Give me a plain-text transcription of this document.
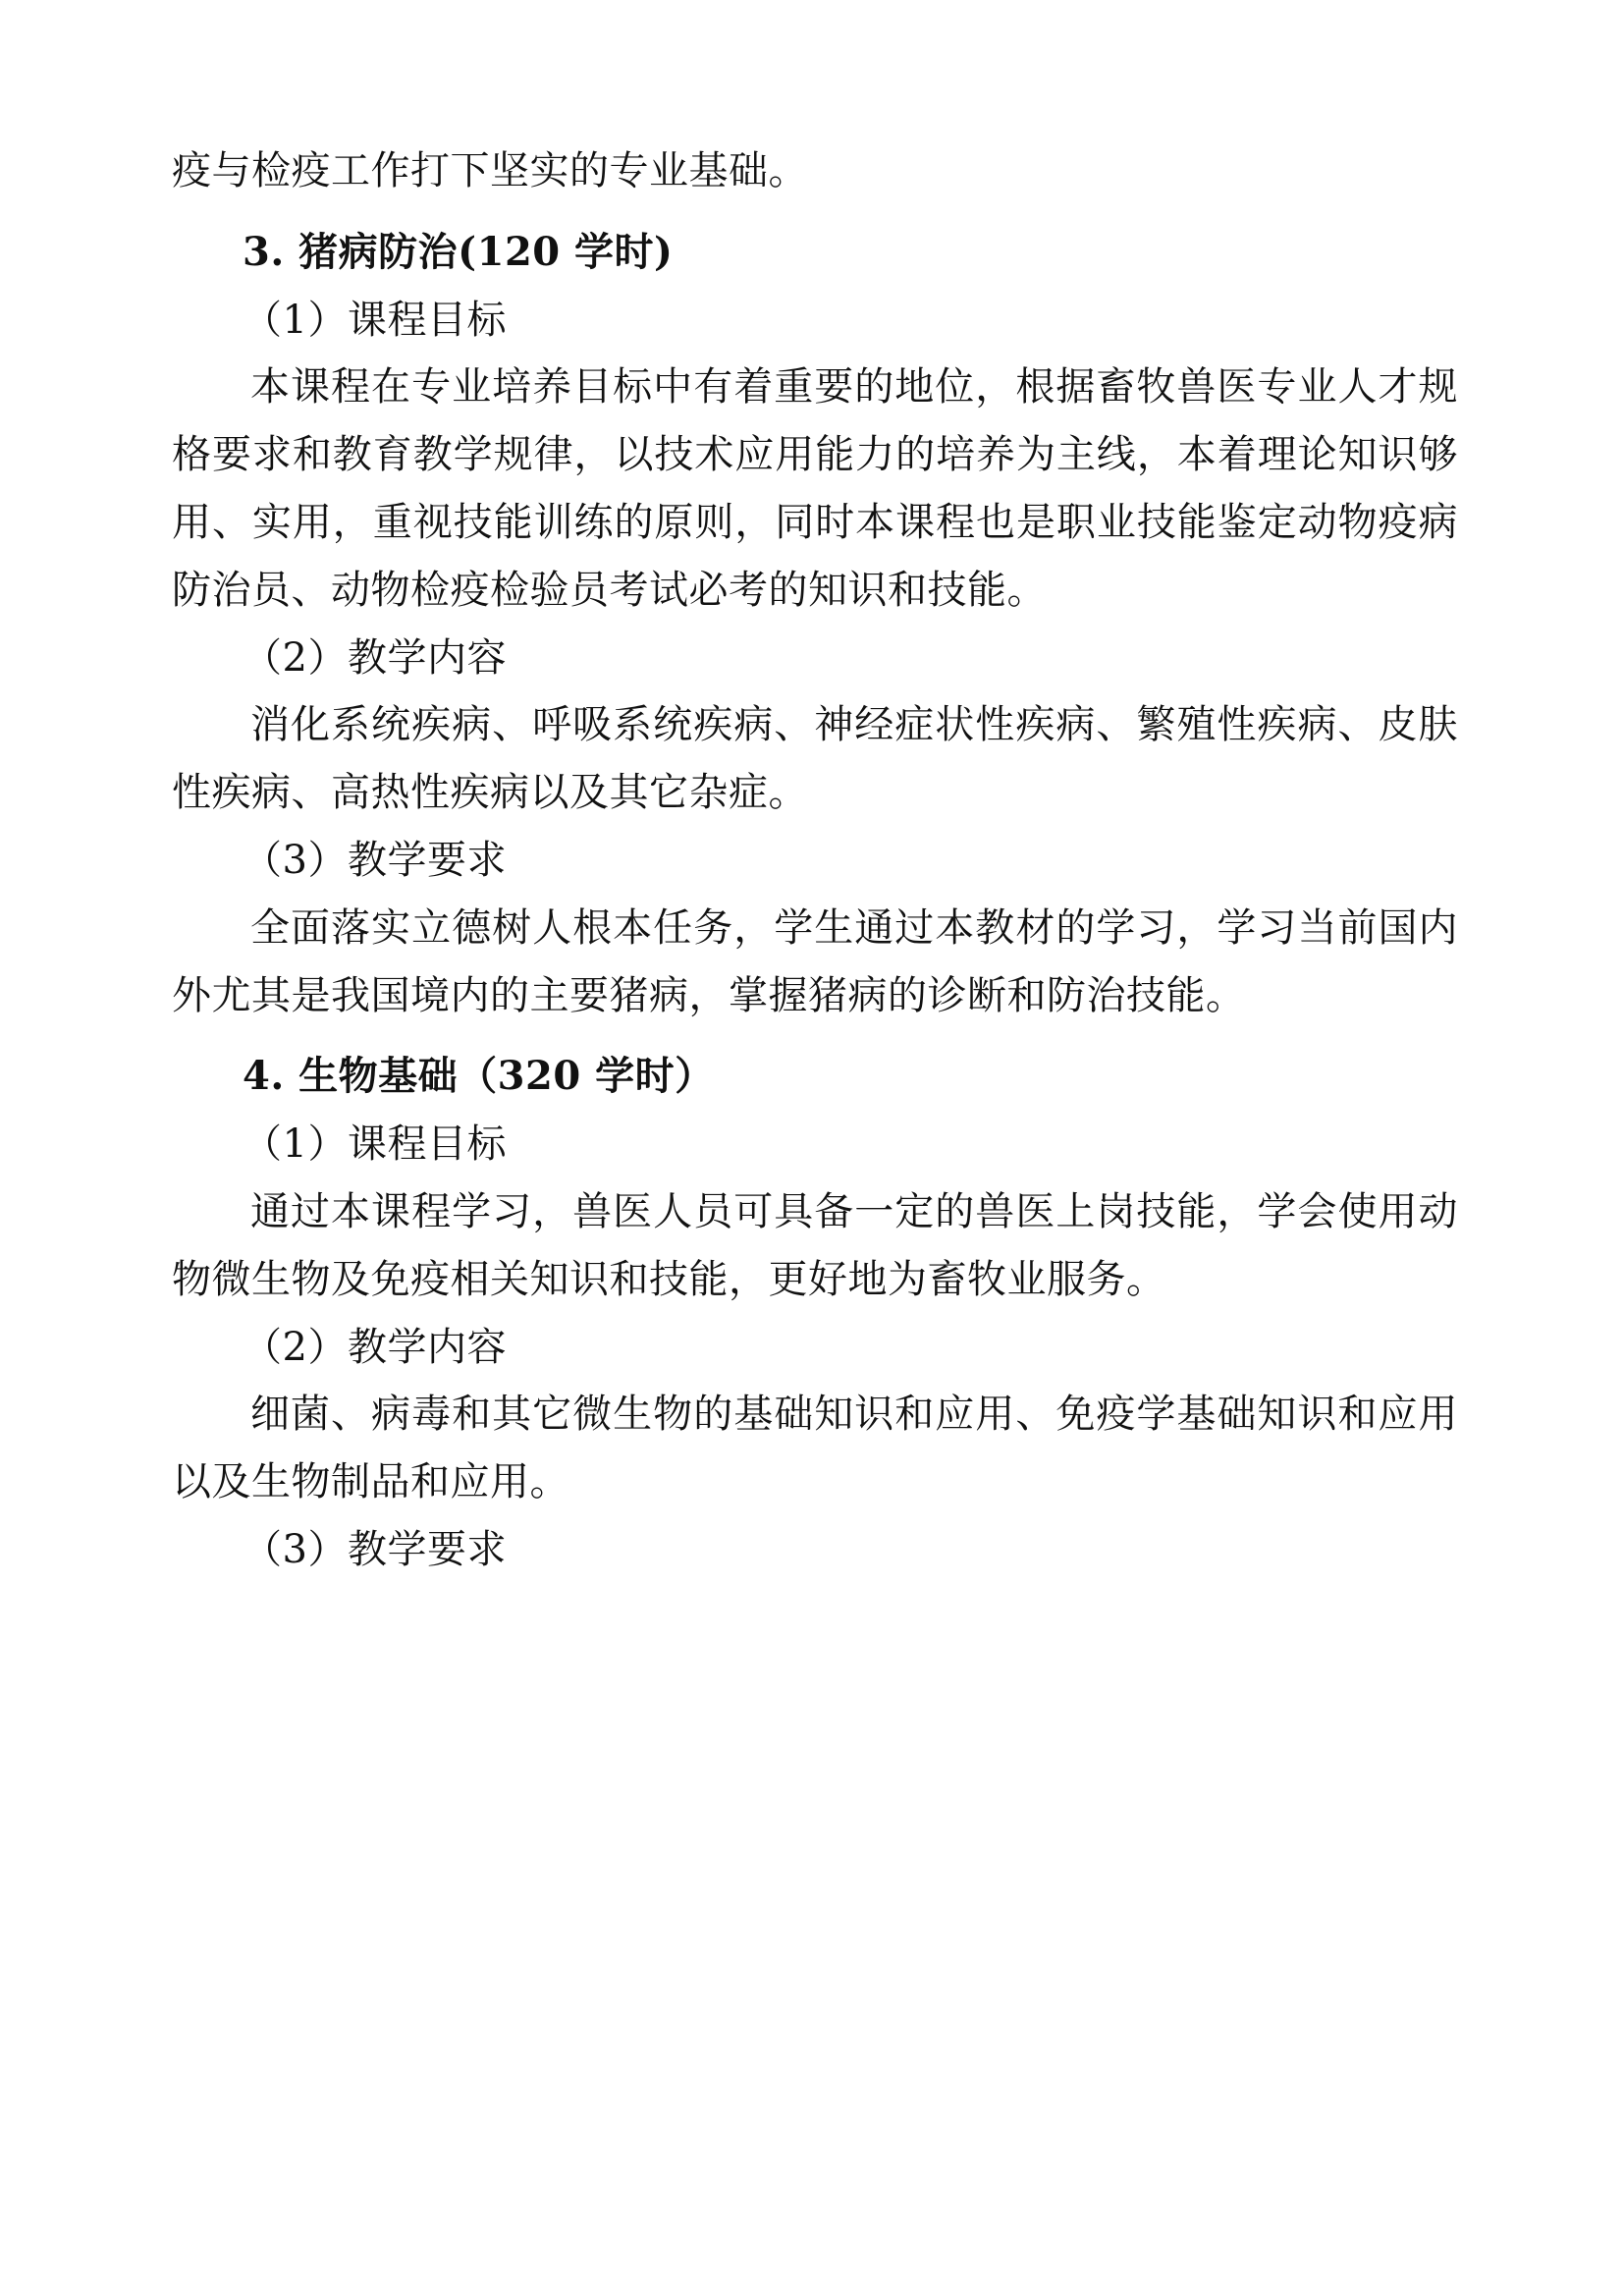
疫与检疫工作打下坚实的专业基础。

3. 猪病防治(120 学时)

（1）课程目标

本课程在专业培养目标中有着重要的地位，根据畜牧兽医专业人才规格要求和教育教学规律，以技术应用能力的培养为主线，本着理论知识够用、实用，重视技能训练的原则，同时本课程也是职业技能鉴定动物疫病防治员、动物检疫检验员考试必考的知识和技能。

（2）教学内容

消化系统疾病、呼吸系统疾病、神经症状性疾病、繁殖性疾病、皮肤性疾病、高热性疾病以及其它杂症。

（3）教学要求

全面落实立德树人根本任务，学生通过本教材的学习，学习当前国内外尤其是我国境内的主要猪病，掌握猪病的诊断和防治技能。

4. 生物基础（320 学时）

（1）课程目标

通过本课程学习，兽医人员可具备一定的兽医上岗技能，学会使用动物微生物及免疫相关知识和技能，更好地为畜牧业服务。

（2）教学内容

细菌、病毒和其它微生物的基础知识和应用、免疫学基础知识和应用以及生物制品和应用。

（3）教学要求
